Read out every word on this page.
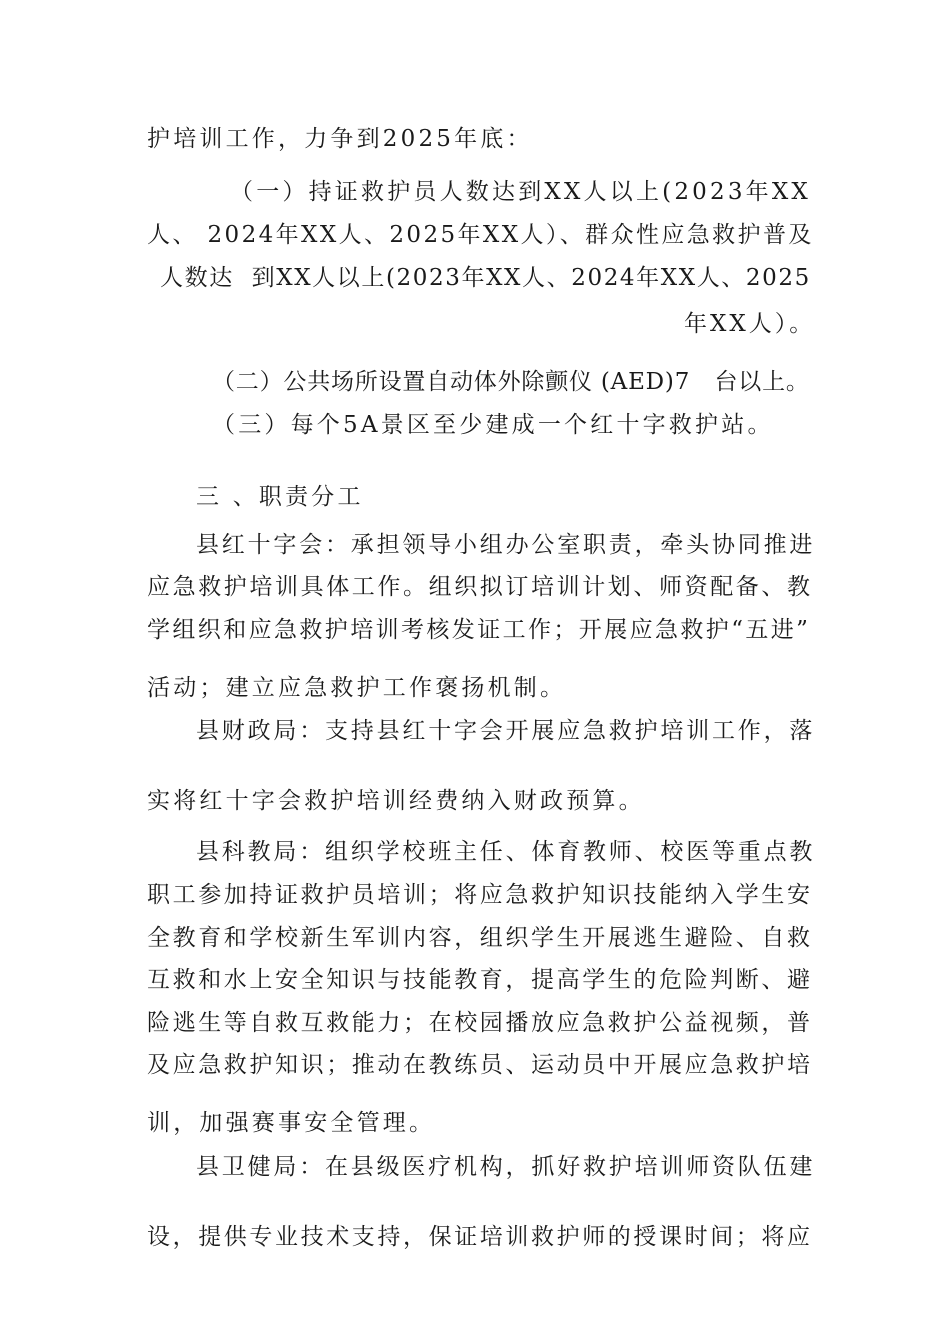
护培训工作，力争到2025年底：
（一）持证救护员人数达到XX人以上(2023年XX
人、 2024年XX人、2025年XX人）、群众性应急救护普及
人数达  到XX人以上(2023年XX人、2024年XX人、2025
年XX人）。
（二）公共场所设置自动体外除颤仪 (AED)7   台以上。
（三）每个5A景区至少建成一个红十字救护站。
三 、职责分工
县红十字会：承担领导小组办公室职责，牵头协同推进
应急救护培训具体工作。组织拟订培训计划、师资配备、教
学组织和应急救护培训考核发证工作；开展应急救护“五进”
活动；建立应急救护工作褒扬机制。
县财政局：支持县红十字会开展应急救护培训工作，落
实将红十字会救护培训经费纳入财政预算。
县科教局：组织学校班主任、体育教师、校医等重点教
职工参加持证救护员培训；将应急救护知识技能纳入学生安
全教育和学校新生军训内容，组织学生开展逃生避险、自救
互救和水上安全知识与技能教育，提高学生的危险判断、避
险逃生等自救互救能力；在校园播放应急救护公益视频，普
及应急救护知识；推动在教练员、运动员中开展应急救护培
训，加强赛事安全管理。
县卫健局：在县级医疗机构，抓好救护培训师资队伍建
设，提供专业技术支持，保证培训救护师的授课时间；将应
